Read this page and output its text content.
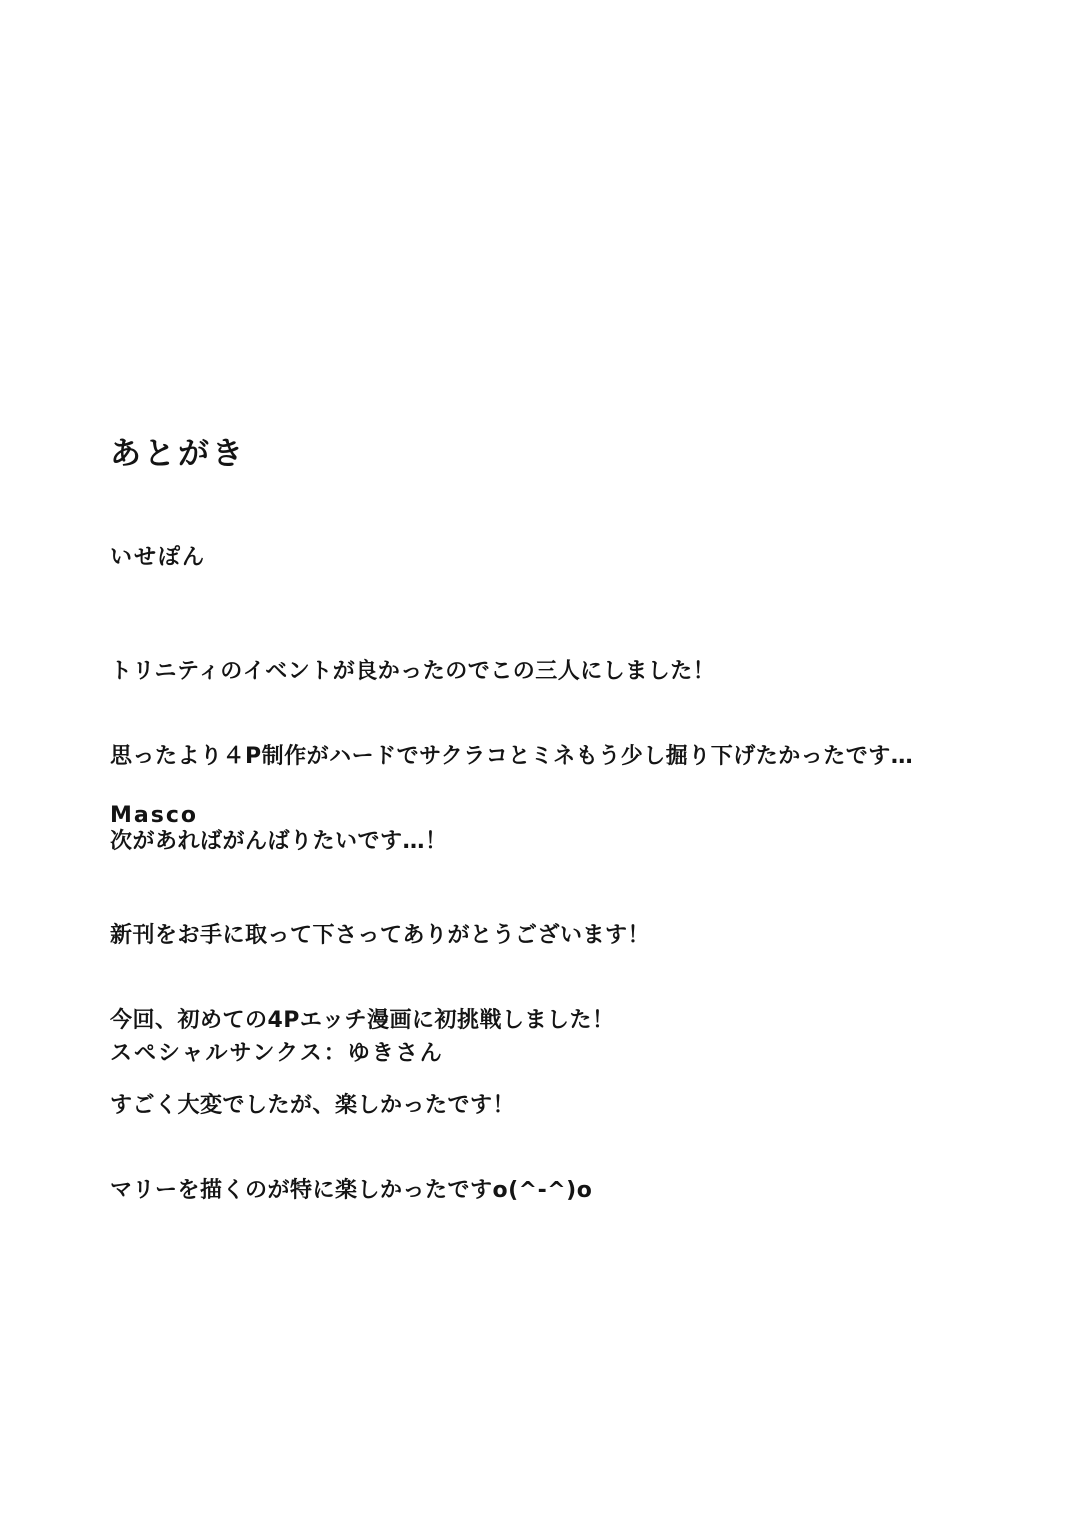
あとがき
いせぽん

トリニティのイベントが良かったのでこの三人にしました！

思ったより４P制作がハードでサクラコとミネもう少し掘り下げたかったです…

次があればがんばりたいです…！

Masco

新刊をお手に取って下さってありがとうございます！

今回、初めての4Pエッチ漫画に初挑戦しました！

すごく大変でしたが、楽しかったです！

マリーを描くのが特に楽しかったですo(^-^)o

スペシャルサンクス：ゆきさん
